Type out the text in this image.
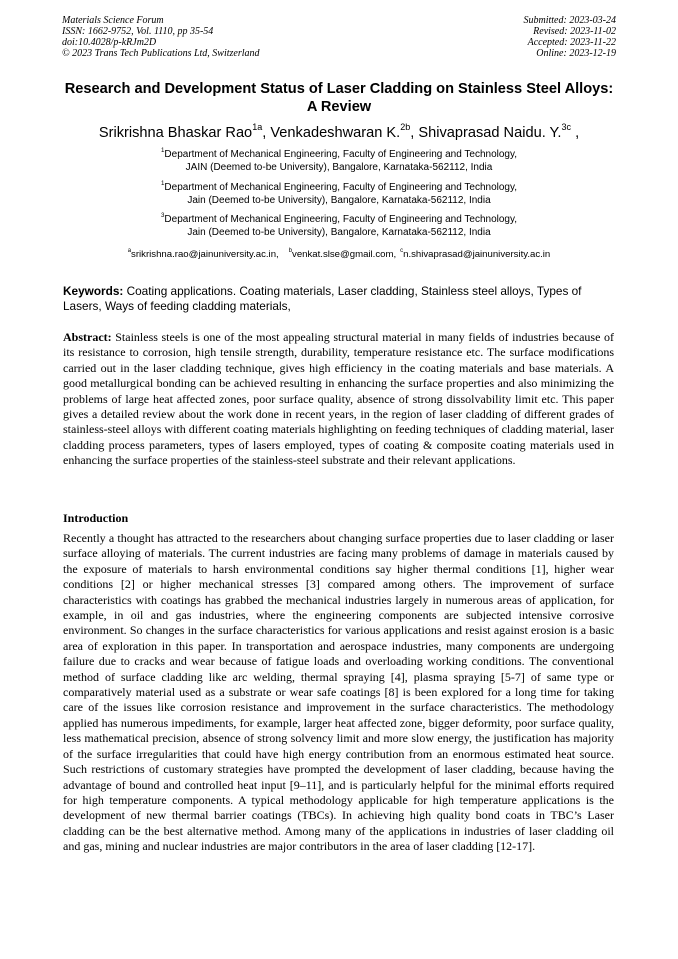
Materials Science Forum
ISSN: 1662-9752, Vol. 1110, pp 35-54
doi:10.4028/p-kRJm2D
© 2023 Trans Tech Publications Ltd, Switzerland
Submitted: 2023-03-24
Revised: 2023-11-02
Accepted: 2023-11-22
Online: 2023-12-19
Research and Development Status of Laser Cladding on Stainless Steel Alloys: A Review
Srikrishna Bhaskar Rao$^{1a}$, Venkadeshwaran K.$^{2b}$, Shivaprasad Naidu. Y.$^{3c}$ ,
$^1$Department of Mechanical Engineering, Faculty of Engineering and Technology,
JAIN (Deemed to-be University), Bangalore, Karnataka-562112, India
$^1$Department of Mechanical Engineering, Faculty of Engineering and Technology,
Jain (Deemed to-be University), Bangalore, Karnataka-562112, India
$^3$Department of Mechanical Engineering, Faculty of Engineering and Technology,
Jain (Deemed to-be University), Bangalore, Karnataka-562112, India
$^a$srikrishna.rao@jainuniversity.ac.in, $^b$venkat.slse@gmail.com, $^c$n.shivaprasad@jainuniversity.ac.in
Keywords: Coating applications. Coating materials, Laser cladding, Stainless steel alloys, Types of Lasers, Ways of feeding cladding materials,
Abstract: Stainless steels is one of the most appealing structural material in many fields of industries because of its resistance to corrosion, high tensile strength, durability, temperature resistance etc. The surface modifications carried out in the laser cladding technique, gives high efficiency in the coating materials and base materials. A good metallurgical bonding can be achieved resulting in enhancing the surface properties and also minimizing the problems of large heat affected zones, poor surface quality, absence of strong dissolvability limit etc. This paper gives a detailed review about the work done in recent years, in the region of laser cladding of different grades of stainless-steel alloys with different coating materials highlighting on feeding techniques of cladding material, laser cladding process parameters, types of lasers employed, types of coating & composite coating materials used in enhancing the surface properties of the stainless-steel substrate and their relevant applications.
Introduction
Recently a thought has attracted to the researchers about changing surface properties due to laser cladding or laser surface alloying of materials. The current industries are facing many problems of damage in materials caused by the exposure of materials to harsh environmental conditions say higher thermal conditions [1], higher wear conditions [2] or higher mechanical stresses [3] compared among others. The improvement of surface characteristics with coatings has grabbed the mechanical industries largely in numerous areas of application, for example, in oil and gas industries, where the engineering components are subjected intensive corrosive environment. So changes in the surface characteristics for various applications and resist against erosion is a basic area of exploration in this paper. In transportation and aerospace industries, many components are undergoing failure due to cracks and wear because of fatigue loads and overloading working conditions. The conventional method of surface cladding like arc welding, thermal spraying [4], plasma spraying [5-7] of same type or comparatively material used as a substrate or wear safe coatings [8] is been explored for a long time for taking care of the issues like corrosion resistance and improvement in the surface characteristics. The methodology applied has numerous impediments, for example, larger heat affected zone, bigger deformity, poor surface quality, less mathematical precision, absence of strong solvency limit and more slow energy, the justification has majority of the surface irregularities that could have high energy contribution from an enormous estimated heat source. Such restrictions of customary strategies have prompted the development of laser cladding, because having the advantage of bound and controlled heat input [9–11], and is particularly helpful for the minimal efforts required for high temperature components. A typical methodology applicable for high temperature applications is the development of new thermal barrier coatings (TBCs). In achieving high quality bond coats in TBC’s Laser cladding can be the best alternative method. Among many of the applications in industries of laser cladding oil and gas, mining and nuclear industries are major contributors in the area of laser cladding [12-17].
